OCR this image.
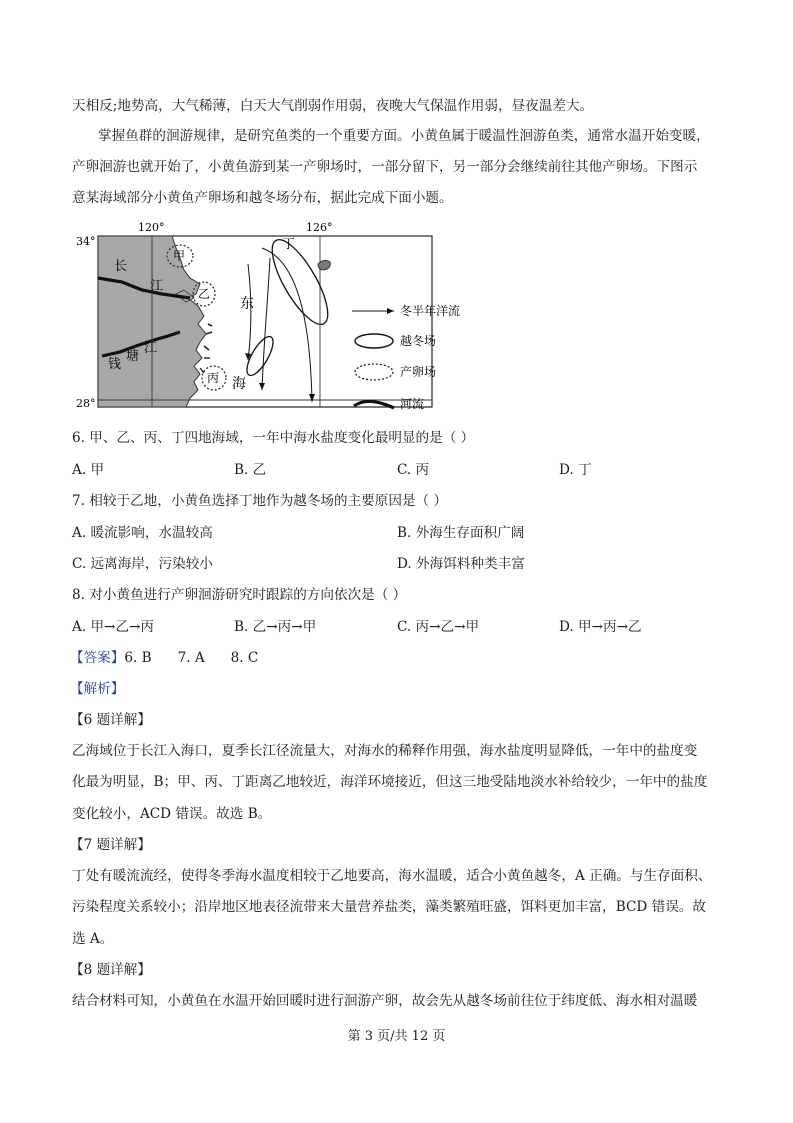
天相反;地势高，大气稀薄，白天大气削弱作用弱，夜晚大气保温作用弱，昼夜温差大。
掌握鱼群的洄游规律，是研究鱼类的一个重要方面。小黄鱼属于暖温性洄游鱼类，通常水温开始变暖，
产卵洄游也就开始了，小黄鱼游到某一产卵场时，一部分留下，另一部分会继续前往其他产卵场。下图示
意某海域部分小黄鱼产卵场和越冬场分布，据此完成下面小题。
120°	126°
34°
28°
甲
乙
丙
丁
长
江
钱
塘
江
东
海
冬半年洋流
越冬场
产卵场
河流
6. 甲、乙、丙、丁四地海域，一年中海水盐度变化最明显的是（ ）
A. 甲	B. 乙	C. 丙	D. 丁
7. 相较于乙地，小黄鱼选择丁地作为越冬场的主要原因是（ ）
A. 暖流影响，水温较高	B. 外海生存面积广阔
C. 远离海岸，污染较小	D. 外海饵料种类丰富
8. 对小黄鱼进行产卵洄游研究时跟踪的方向依次是（ ）
A. 甲→乙→丙	B. 乙→丙→甲	C. 丙→乙→甲	D. 甲→丙→乙
【答案】6. B      7. A      8. C
【解析】
【6 题详解】
乙海域位于长江入海口，夏季长江径流量大，对海水的稀释作用强，海水盐度明显降低，一年中的盐度变
化最为明显，B；甲、丙、丁距离乙地较近，海洋环境接近，但这三地受陆地淡水补给较少，一年中的盐度
变化较小，ACD 错误。故选 B。
【7 题详解】
丁处有暖流流经，使得冬季海水温度相较于乙地要高，海水温暖，适合小黄鱼越冬，A 正确。与生存面积、
污染程度关系较小；沿岸地区地表径流带来大量营养盐类，藻类繁殖旺盛，饵料更加丰富，BCD 错误。故
选 A。
【8 题详解】
结合材料可知，小黄鱼在水温开始回暖时进行洄游产卵，故会先从越冬场前往位于纬度低、海水相对温暖
第 3 页/共 12 页
